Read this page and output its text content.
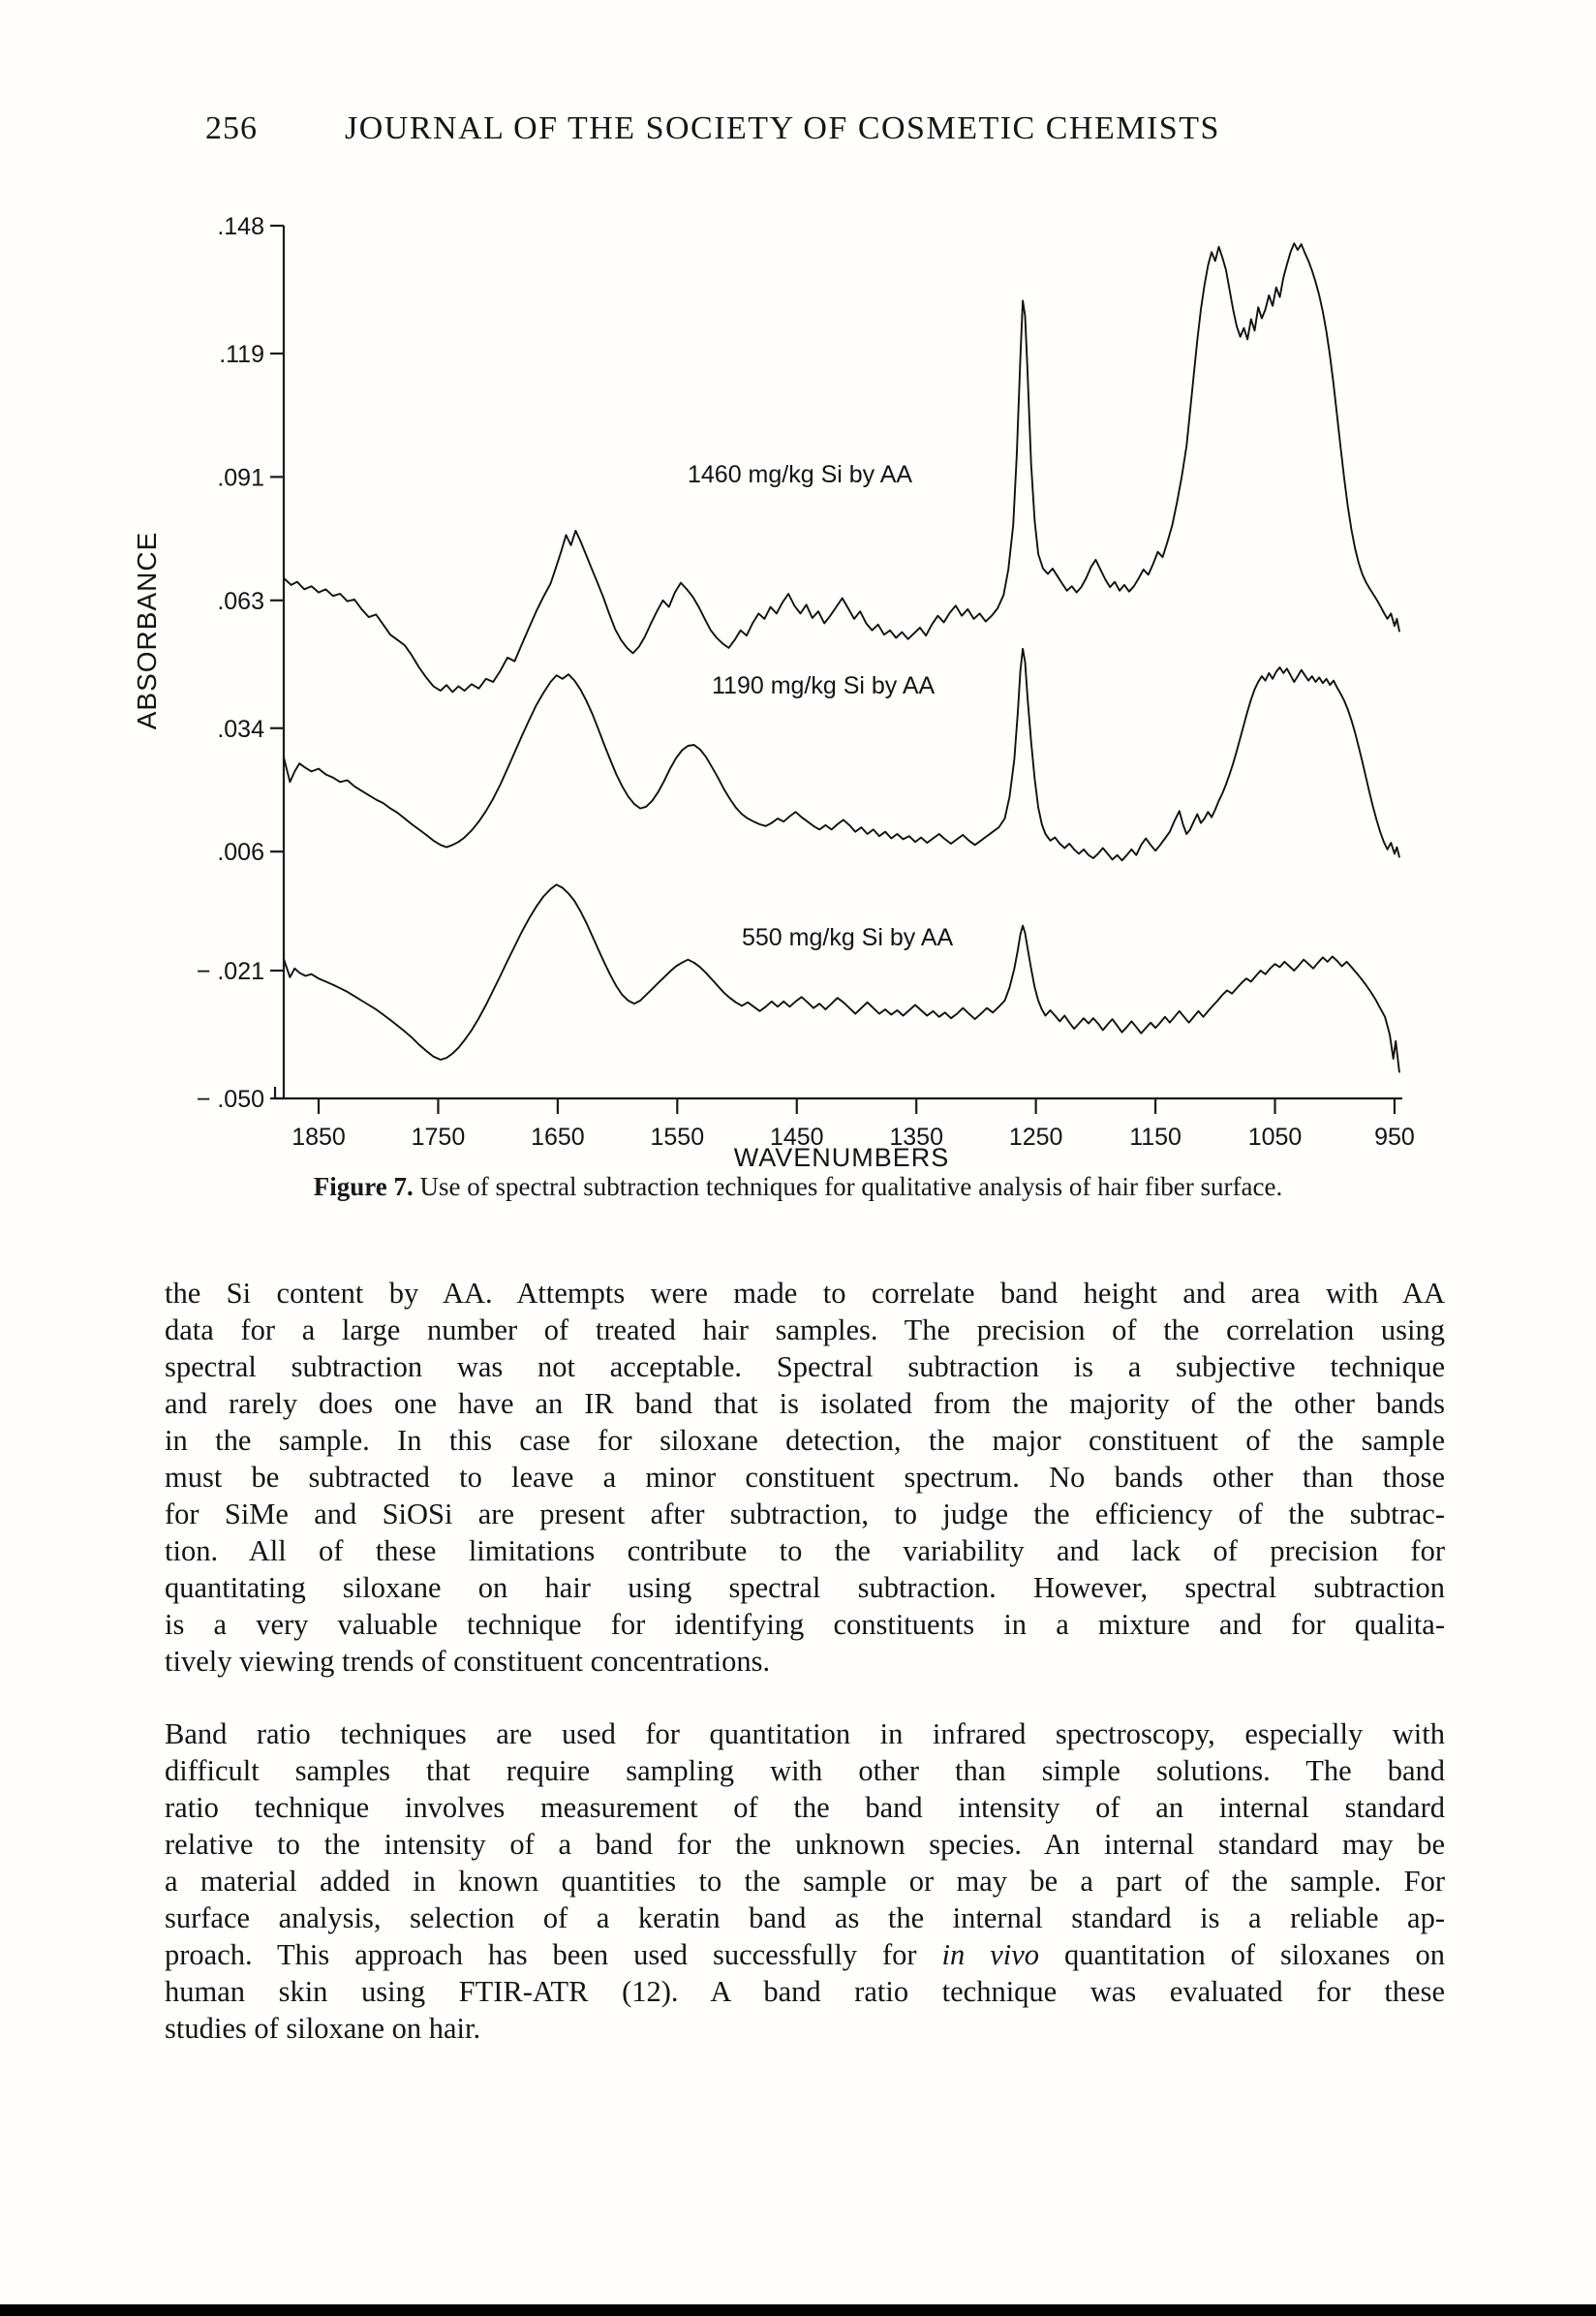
256	JOURNAL OF THE SOCIETY OF COSMETIC CHEMISTS
.148
.119
.091
.063
.034
.006
− .021
− .050
1850	1750	1650	1550	1450	1350	1250	1150	1050	950
1460 mg/kg Si by AA
1190 mg/kg Si by AA
550 mg/kg Si by AA
ABSORBANCE
WAVENUMBERS
Figure 7. Use of spectral subtraction techniques for qualitative analysis of hair fiber surface.
the Si content by AA. Attempts were made to correlate band height and area with AA
data for a large number of treated hair samples. The precision of the correlation using
spectral subtraction was not acceptable. Spectral subtraction is a subjective technique
and rarely does one have an IR band that is isolated from the majority of the other bands
in the sample. In this case for siloxane detection, the major constituent of the sample
must be subtracted to leave a minor constituent spectrum. No bands other than those
for SiMe and SiOSi are present after subtraction, to judge the efficiency of the subtrac-
tion. All of these limitations contribute to the variability and lack of precision for
quantitating siloxane on hair using spectral subtraction. However, spectral subtraction
is a very valuable technique for identifying constituents in a mixture and for qualita-
tively viewing trends of constituent concentrations.
Band ratio techniques are used for quantitation in infrared spectroscopy, especially with
difficult samples that require sampling with other than simple solutions. The band
ratio technique involves measurement of the band intensity of an internal standard
relative to the intensity of a band for the unknown species. An internal standard may be
a material added in known quantities to the sample or may be a part of the sample. For
surface analysis, selection of a keratin band as the internal standard is a reliable ap-
proach. This approach has been used successfully for in vivo quantitation of siloxanes on
human skin using FTIR-ATR (12). A band ratio technique was evaluated for these
studies of siloxane on hair.
